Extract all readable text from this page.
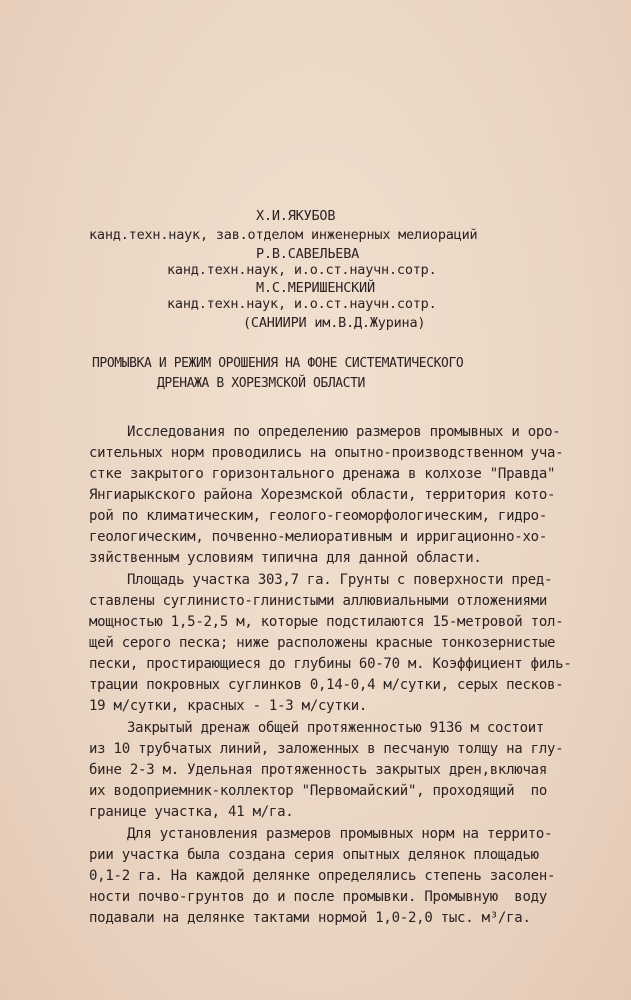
Х.И.ЯКУБОВ
канд.техн.наук, зав.отделом инженерных мелиораций
Р.В.САВЕЛЬЕВА
канд.техн.наук, и.о.ст.научн.сотр.
М.С.МЕРИШЕНСКИЙ
канд.техн.наук, и.о.ст.научн.сотр.
(САНИИРИ им.В.Д.Журина)
ПРОМЫВКА И РЕЖИМ ОРОШЕНИЯ НА ФОНЕ СИСТЕМАТИЧЕСКОГО
ДРЕНАЖА В ХОРЕЗМСКОЙ ОБЛАСТИ
Исследования по определению размеров промывных и оро-
сительных норм проводились на опытно-производственном уча-
стке закрытого горизонтального дренажа в колхозе "Правда"
Янгиарыкского района Хорезмской области, территория кото-
рой по климатическим, геолого-геоморфологическим, гидро-
геологическим, почвенно-мелиоративным и ирригационно-хо-
зяйственным условиям типична для данной области.
Площадь участка 303,7 га. Грунты с поверхности пред-
ставлены суглинисто-глинистыми аллювиальными отложениями
мощностью 1,5-2,5 м, которые подстилаются 15-метровой тол-
щей серого песка; ниже расположены красные тонкозернистые
пески, простирающиеся до глубины 60-70 м. Коэффициент филь-
трации покровных суглинков 0,14-0,4 м/сутки, серых песков-
19 м/сутки, красных - 1-3 м/сутки.
Закрытый дренаж общей протяженностью 9136 м состоит
из 10 трубчатых линий, заложенных в песчаную толщу на глу-
бине 2-3 м. Удельная протяженность закрытых дрен,включая
их водоприемник-коллектор "Первомайский", проходящий  по
границе участка, 41 м/га.
Для установления размеров промывных норм на террито-
рии участка была создана серия опытных делянок площадью
0,1-2 га. На каждой делянке определялись степень засолен-
ности почво-грунтов до и после промывки. Промывную  воду
подавали на делянке тактами нормой 1,0-2,0 тыс. м³/га.
